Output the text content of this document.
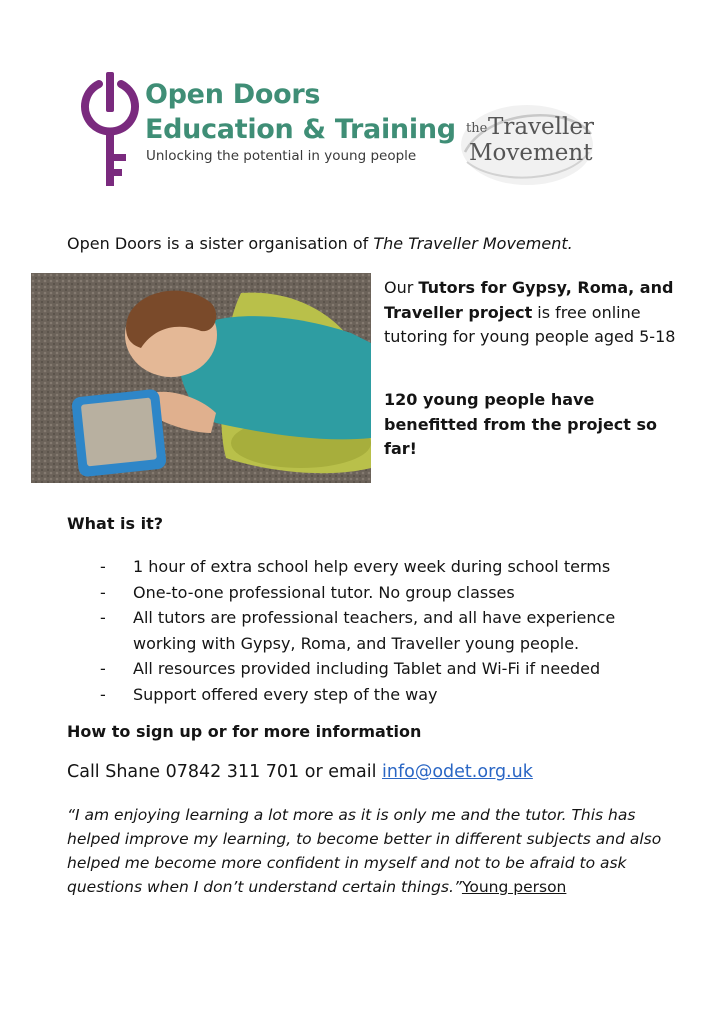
Open Doors
Education & Training
Unlocking the potential in young people
the Traveller
Movement
Open Doors is a sister organisation of The Traveller Movement.
Our Tutors for Gypsy, Roma, and Traveller project is free online tutoring for young people aged 5-18
120 young people have benefitted from the project so far!
What is it?
- 1 hour of extra school help every week during school terms
- One-to-one professional tutor. No group classes
- All tutors are professional teachers, and all have experience working with Gypsy, Roma, and Traveller young people.
- All resources provided including Tablet and Wi-Fi if needed
- Support offered every step of the way
How to sign up or for more information
Call Shane 07842 311 701 or email info@odet.org.uk
“I am enjoying learning a lot more as it is only me and the tutor. This has helped improve my learning, to become better in different subjects and also helped me become more confident in myself and not to be afraid to ask questions when I don’t understand certain things.”Young person
